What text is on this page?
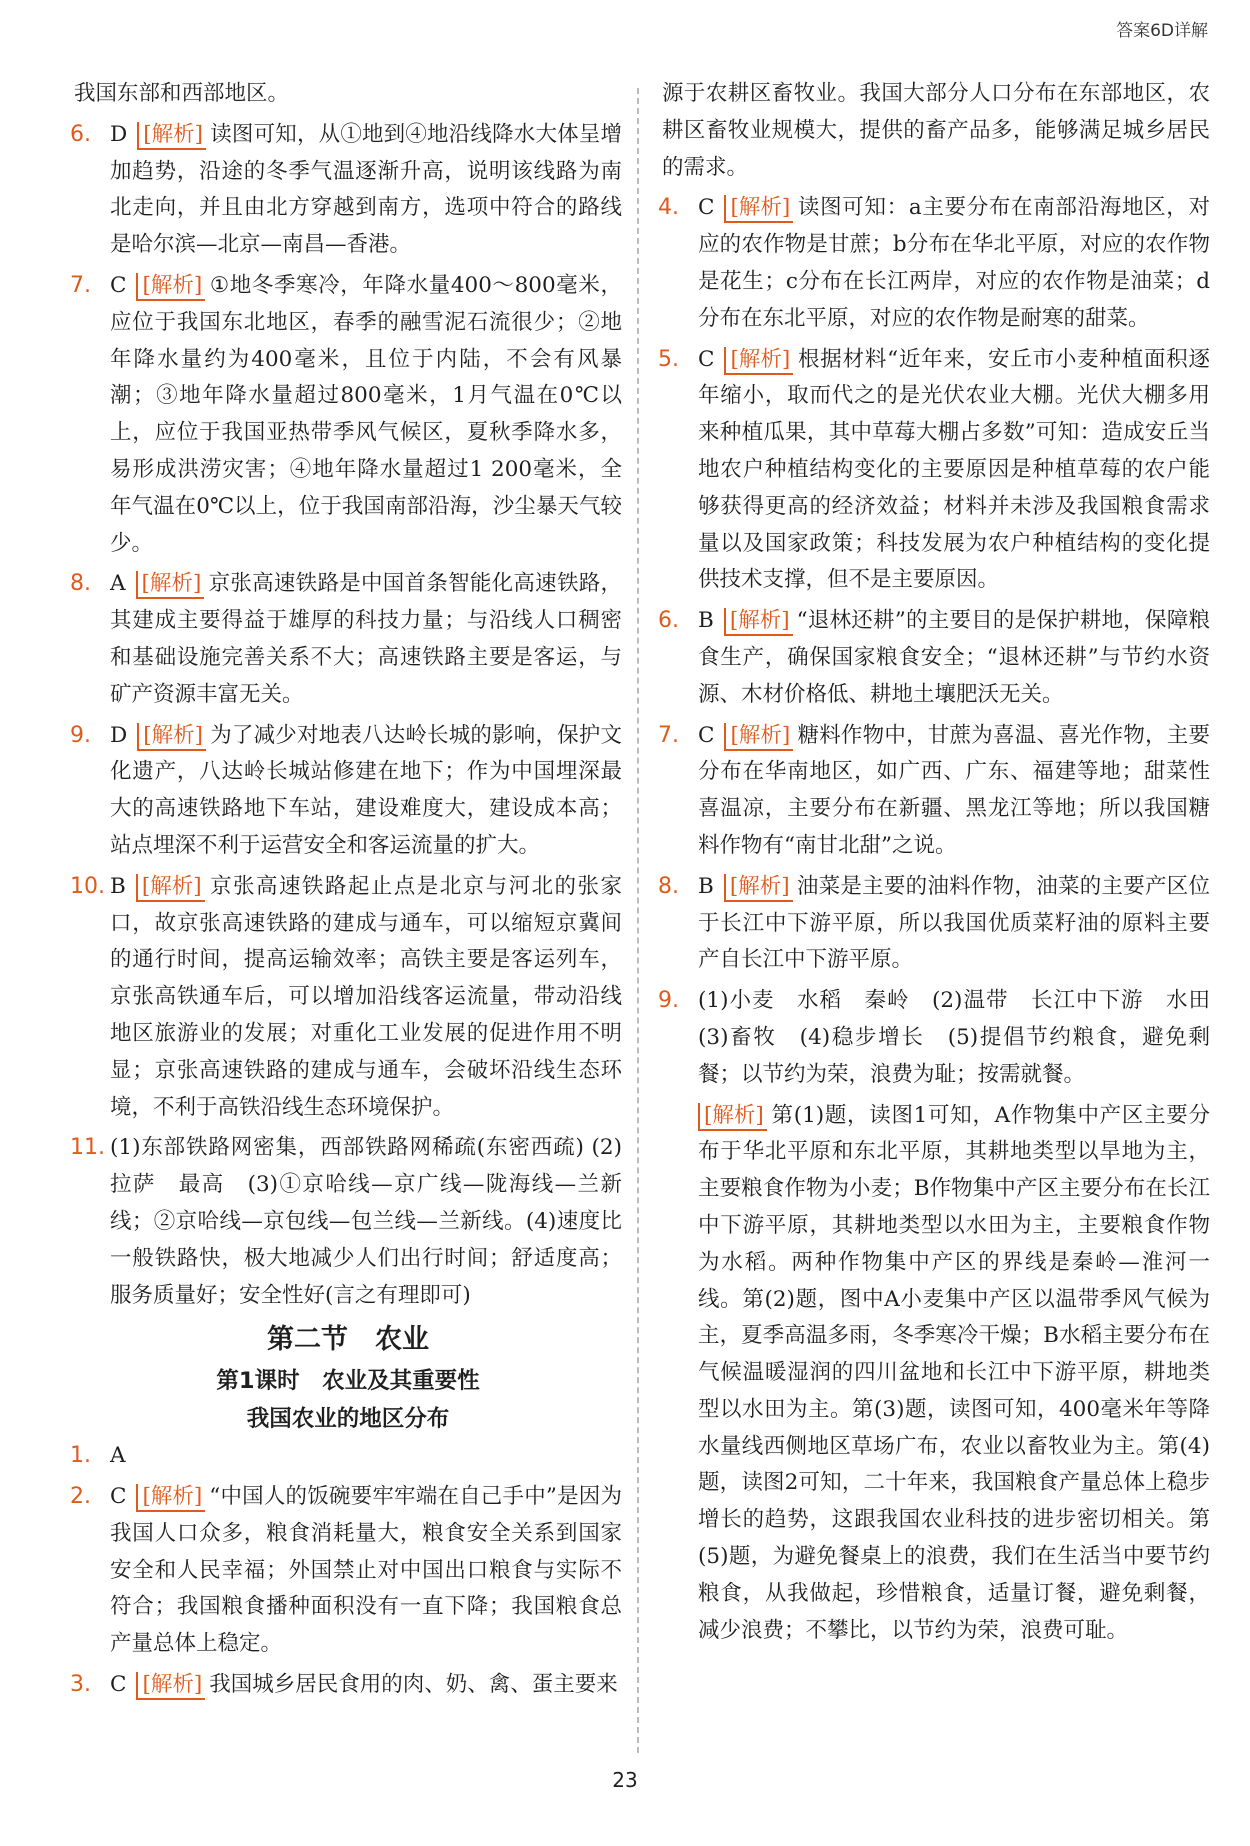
答案6D详解
我国东部和西部地区。
6. D [ 解析 ] 读图可知，从①地到④地沿线降水大体呈增加趋势，沿途的冬季气温逐渐升高，说明该线路为南北走向，并且由北方穿越到南方，选项中符合的路线是哈尔滨—北京—南昌—香港。
7. C [ 解析 ] ①地冬季寒冷，年降水量400～800毫米，应位于我国东北地区，春季的融雪泥石流很少；②地年降水量约为400毫米，且位于内陆，不会有风暴潮；③地年降水量超过800毫米，1月气温在0℃以上，应位于我国亚热带季风气候区，夏秋季降水多，易形成洪涝灾害；④地年降水量超过1 200毫米，全年气温在0℃以上，位于我国南部沿海，沙尘暴天气较少。
8. A [ 解析 ] 京张高速铁路是中国首条智能化高速铁路，其建成主要得益于雄厚的科技力量；与沿线人口稠密和基础设施完善关系不大；高速铁路主要是客运，与矿产资源丰富无关。
9. D [ 解析 ] 为了减少对地表八达岭长城的影响，保护文化遗产，八达岭长城站修建在地下；作为中国埋深最大的高速铁路地下车站，建设难度大，建设成本高；站点埋深不利于运营安全和客运流量的扩大。
10. B [ 解析 ] 京张高速铁路起止点是北京与河北的张家口，故京张高速铁路的建成与通车，可以缩短京冀间的通行时间，提高运输效率；高铁主要是客运列车，京张高铁通车后，可以增加沿线客运流量，带动沿线地区旅游业的发展；对重化工业发展的促进作用不明显；京张高速铁路的建成与通车，会破坏沿线生态环境，不利于高铁沿线生态环境保护。
11. (1)东部铁路网密集，西部铁路网稀疏(东密西疏) (2)拉萨　最高　(3)①京哈线—京广线—陇海线—兰新线；②京哈线—京包线—包兰线—兰新线。(4)速度比一般铁路快，极大地减少人们出行时间；舒适度高；服务质量好；安全性好(言之有理即可)
第二节　农业
第1课时　农业及其重要性
我国农业的地区分布
1. A
2. C [ 解析 ] “中国人的饭碗要牢牢端在自己手中”是因为我国人口众多，粮食消耗量大，粮食安全关系到国家安全和人民幸福；外国禁止对中国出口粮食与实际不符合；我国粮食播种面积没有一直下降；我国粮食总产量总体上稳定。
3. C [ 解析 ] 我国城乡居民食用的肉、奶、禽、蛋主要来
源于农耕区畜牧业。我国大部分人口分布在东部地区，农耕区畜牧业规模大，提供的畜产品多，能够满足城乡居民的需求。
4. C [ 解析 ] 读图可知：a主要分布在南部沿海地区，对应的农作物是甘蔗；b分布在华北平原，对应的农作物是花生；c分布在长江两岸，对应的农作物是油菜；d分布在东北平原，对应的农作物是耐寒的甜菜。
5. C [ 解析 ] 根据材料“近年来，安丘市小麦种植面积逐年缩小，取而代之的是光伏农业大棚。光伏大棚多用来种植瓜果，其中草莓大棚占多数”可知：造成安丘当地农户种植结构变化的主要原因是种植草莓的农户能够获得更高的经济效益；材料并未涉及我国粮食需求量以及国家政策；科技发展为农户种植结构的变化提供技术支撑，但不是主要原因。
6. B [ 解析 ] “退林还耕”的主要目的是保护耕地，保障粮食生产，确保国家粮食安全；“退林还耕”与节约水资源、木材价格低、耕地土壤肥沃无关。
7. C [ 解析 ] 糖料作物中，甘蔗为喜温、喜光作物，主要分布在华南地区，如广西、广东、福建等地；甜菜性喜温凉，主要分布在新疆、黑龙江等地；所以我国糖料作物有“南甘北甜”之说。
8. B [ 解析 ] 油菜是主要的油料作物，油菜的主要产区位于长江中下游平原，所以我国优质菜籽油的原料主要产自长江中下游平原。
9. (1)小麦　水稻　秦岭　(2)温带　长江中下游　水田　(3)畜牧　(4)稳步增长　(5)提倡节约粮食，避免剩餐；以节约为荣，浪费为耻；按需就餐。
[ 解析 ] 第(1)题，读图1可知，A作物集中产区主要分布于华北平原和东北平原，其耕地类型以旱地为主，主要粮食作物为小麦；B作物集中产区主要分布在长江中下游平原，其耕地类型以水田为主，主要粮食作物为水稻。两种作物集中产区的界线是秦岭—淮河一线。第(2)题，图中A小麦集中产区以温带季风气候为主，夏季高温多雨，冬季寒冷干燥；B水稻主要分布在气候温暖湿润的四川盆地和长江中下游平原，耕地类型以水田为主。第(3)题，读图可知，400毫米年等降水量线西侧地区草场广布，农业以畜牧业为主。第(4)题，读图2可知，二十年来，我国粮食产量总体上稳步增长的趋势，这跟我国农业科技的进步密切相关。第(5)题，为避免餐桌上的浪费，我们在生活当中要节约粮食，从我做起，珍惜粮食，适量订餐，避免剩餐，减少浪费；不攀比，以节约为荣，浪费可耻。
23
